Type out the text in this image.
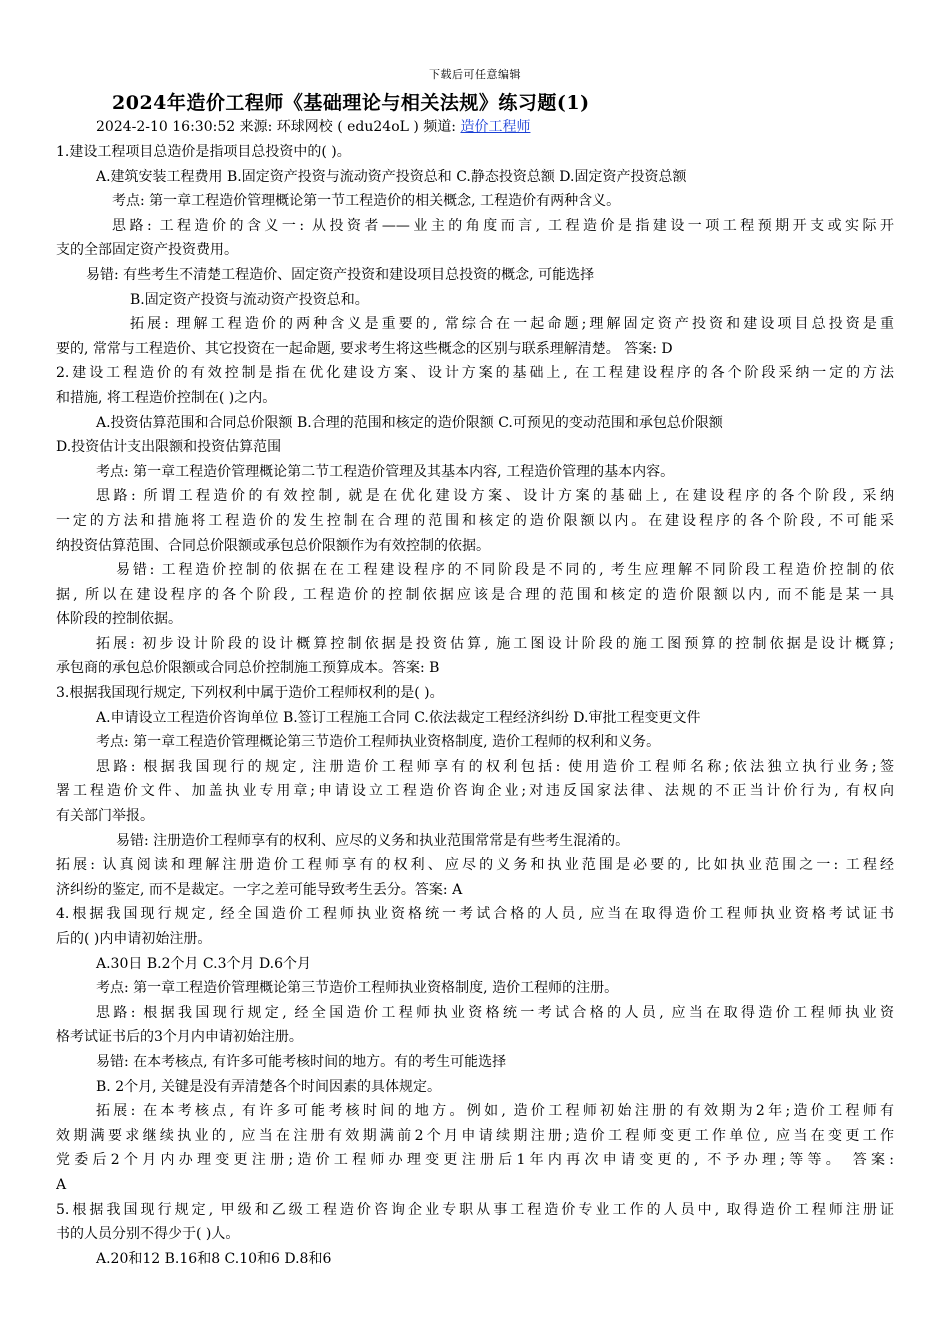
下载后可任意编辑
2024年造价工程师《基础理论与相关法规》练习题(1)
2024-2-10 16:30:52 来源: 环球网校 ( edu24oL ) 频道: 造价工程师
1.建设工程项目总造价是指项目总投资中的( )。
A.建筑安装工程费用 B.固定资产投资与流动资产投资总和 C.静态投资总额 D.固定资产投资总额
考点: 第一章工程造价管理概论第一节工程造价的相关概念, 工程造价有两种含义。
思路: 工程造价的含义一: 从投资者——业主的角度而言, 工程造价是指建设一项工程预期开支或实际开
支的全部固定资产投资费用。
易错: 有些考生不清楚工程造价、固定资产投资和建设项目总投资的概念, 可能选择
B.固定资产投资与流动资产投资总和。
拓展: 理解工程造价的两种含义是重要的, 常综合在一起命题;理解固定资产投资和建设项目总投资是重
要的, 常常与工程造价、其它投资在一起命题, 要求考生将这些概念的区别与联系理解清楚。 答案: D
2.建设工程造价的有效控制是指在优化建设方案、设计方案的基础上, 在工程建设程序的各个阶段采纳一定的方法
和措施, 将工程造价控制在( )之内。
A.投资估算范围和合同总价限额 B.合理的范围和核定的造价限额 C.可预见的变动范围和承包总价限额
D.投资估计支出限额和投资估算范围
考点: 第一章工程造价管理概论第二节工程造价管理及其基本内容, 工程造价管理的基本内容。
思路: 所谓工程造价的有效控制, 就是在优化建设方案、设计方案的基础上, 在建设程序的各个阶段, 采纳
一定的方法和措施将工程造价的发生控制在合理的范围和核定的造价限额以内。在建设程序的各个阶段, 不可能采
纳投资估算范围、合同总价限额或承包总价限额作为有效控制的依据。
易错: 工程造价控制的依据在在工程建设程序的不同阶段是不同的, 考生应理解不同阶段工程造价控制的依
据, 所以在建设程序的各个阶段, 工程造价的控制依据应该是合理的范围和核定的造价限额以内, 而不能是某一具
体阶段的控制依据。
拓展: 初步设计阶段的设计概算控制依据是投资估算, 施工图设计阶段的施工图预算的控制依据是设计概算;
承包商的承包总价限额或合同总价控制施工预算成本。答案: B
3.根据我国现行规定, 下列权利中属于造价工程师权利的是( )。
A.申请设立工程造价咨询单位 B.签订工程施工合同 C.依法裁定工程经济纠纷 D.审批工程变更文件
考点: 第一章工程造价管理概论第三节造价工程师执业资格制度, 造价工程师的权利和义务。
思路: 根据我国现行的规定, 注册造价工程师享有的权利包括: 使用造价工程师名称;依法独立执行业务;签
署工程造价文件、加盖执业专用章;申请设立工程造价咨询企业;对违反国家法律、法规的不正当计价行为, 有权向
有关部门举报。
易错: 注册造价工程师享有的权利、应尽的义务和执业范围常常是有些考生混淆的。
拓展: 认真阅读和理解注册造价工程师享有的权利、应尽的义务和执业范围是必要的, 比如执业范围之一: 工程经
济纠纷的鉴定, 而不是裁定。一字之差可能导致考生丢分。答案: A
4.根据我国现行规定, 经全国造价工程师执业资格统一考试合格的人员, 应当在取得造价工程师执业资格考试证书
后的( )内申请初始注册。
A.30日 B.2个月 C.3个月 D.6个月
考点: 第一章工程造价管理概论第三节造价工程师执业资格制度, 造价工程师的注册。
思路: 根据我国现行规定, 经全国造价工程师执业资格统一考试合格的人员, 应当在取得造价工程师执业资
格考试证书后的3个月内申请初始注册。
易错: 在本考核点, 有许多可能考核时间的地方。有的考生可能选择
B. 2个月, 关键是没有弄清楚各个时间因素的具体规定。
拓展: 在本考核点, 有许多可能考核时间的地方。例如, 造价工程师初始注册的有效期为2年;造价工程师有
效期满要求继续执业的, 应当在注册有效期满前2个月申请续期注册;造价工程师变更工作单位, 应当在变更工作
党委后2个月内办理变更注册;造价工程师办理变更注册后1年内再次申请变更的, 不予办理;等等。 答案:
A
5.根据我国现行规定, 甲级和乙级工程造价咨询企业专职从事工程造价专业工作的人员中, 取得造价工程师注册证
书的人员分别不得少于( )人。
A.20和12 B.16和8 C.10和6 D.8和6
